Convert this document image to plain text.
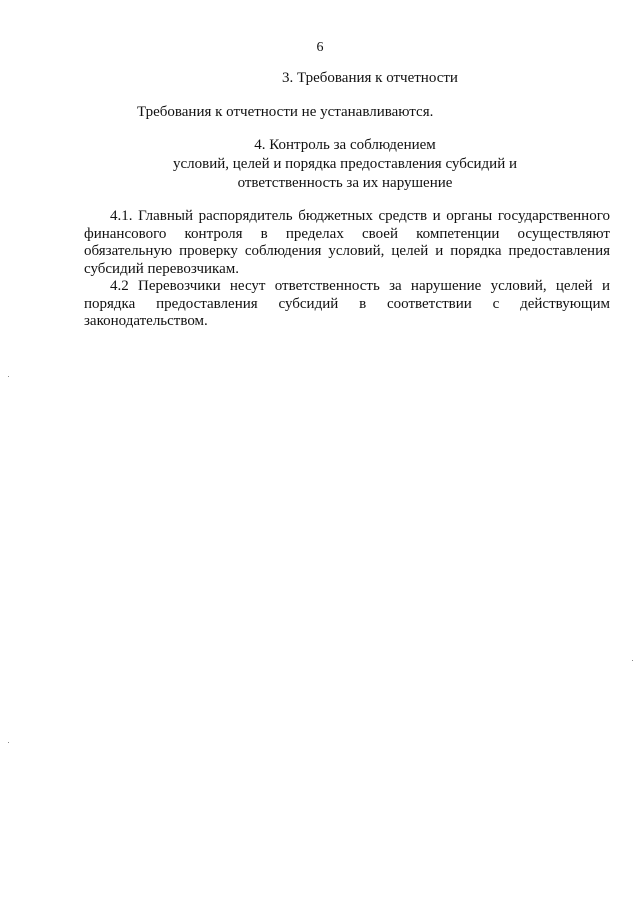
6

3. Требования к отчетности

Требования к отчетности не устанавливаются.

4. Контроль за соблюдением
условий, целей и порядка предоставления субсидий и
ответственность за их нарушение

4.1. Главный распорядитель бюджетных средств и органы государственного финансового контроля в пределах своей компетенции осуществляют обязательную проверку соблюдения условий, целей и порядка предоставления субсидий перевозчикам.

4.2 Перевозчики несут ответственность за нарушение условий, целей и порядка предоставления субсидий в соответствии с действующим законодательством.
